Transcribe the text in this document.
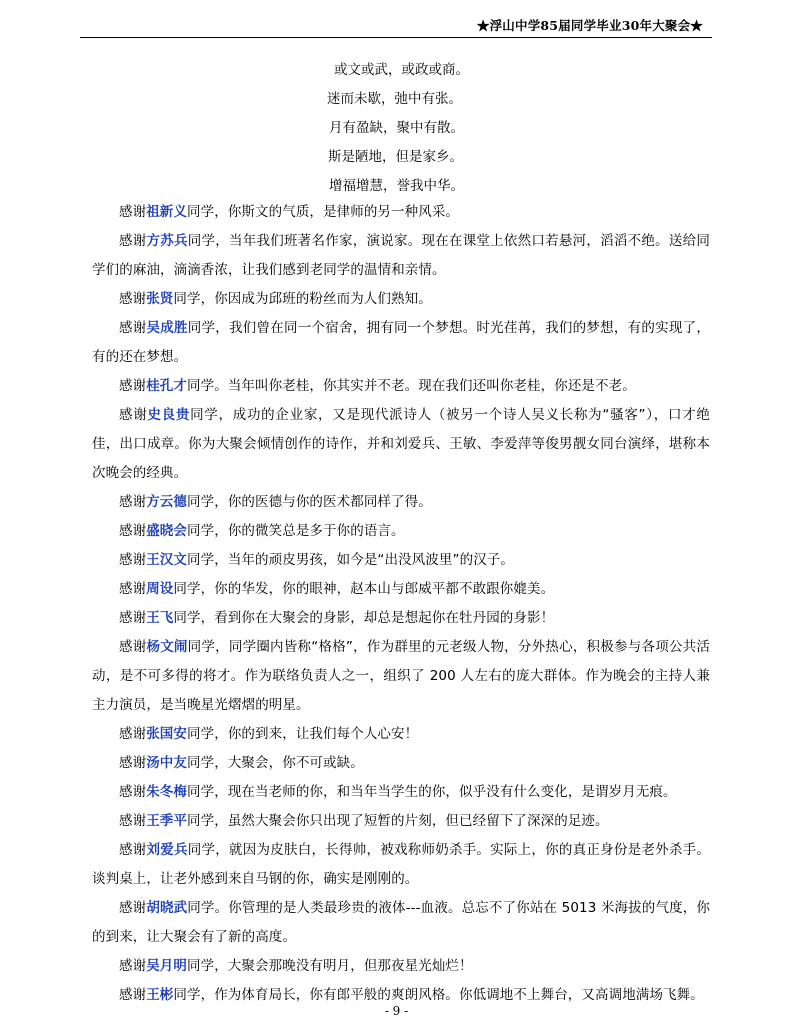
★浮山中学85届同学毕业30年大聚会★
或文或武，或政或商。
迷而未歇，弛中有张。
月有盈缺，聚中有散。
斯是陋地，但是家乡。
增福增慧，誉我中华。

感谢祖新义同学，你斯文的气质，是律师的另一种风采。

感谢方苏兵同学，当年我们班著名作家，演说家。现在在课堂上依然口若悬河，滔滔不绝。送给同学们的麻油，滴滴香浓，让我们感到老同学的温情和亲情。

感谢张贤同学，你因成为邱班的粉丝而为人们熟知。

感谢吴成胜同学，我们曾在同一个宿舍，拥有同一个梦想。时光荏苒，我们的梦想，有的实现了，有的还在梦想。

感谢桂孔才同学。当年叫你老桂，你其实并不老。现在我们还叫你老桂，你还是不老。

感谢史良贵同学，成功的企业家，又是现代派诗人（被另一个诗人吴义长称为“骚客”），口才绝佳，出口成章。你为大聚会倾情创作的诗作，并和刘爱兵、王敏、李爱萍等俊男靓女同台演绎，堪称本次晚会的经典。

感谢方云德同学，你的医德与你的医术都同样了得。

感谢盛晓会同学，你的微笑总是多于你的语言。

感谢王汉文同学，当年的顽皮男孩，如今是“出没风波里”的汉子。

感谢周设同学，你的华发，你的眼神，赵本山与郎威平都不敢跟你媲美。

感谢王飞同学，看到你在大聚会的身影，却总是想起你在牡丹园的身影！

感谢杨文闹同学，同学圈内皆称“格格”，作为群里的元老级人物，分外热心，积极参与各项公共活动，是不可多得的将才。作为联络负责人之一，组织了 200 人左右的庞大群体。作为晚会的主持人兼主力演员，是当晚星光熠熠的明星。

感谢张国安同学，你的到来，让我们每个人心安！

感谢汤中友同学，大聚会，你不可或缺。

感谢朱冬梅同学，现在当老师的你，和当年当学生的你，似乎没有什么变化，是谓岁月无痕。

感谢王季平同学，虽然大聚会你只出现了短暂的片刻，但已经留下了深深的足迹。

感谢刘爱兵同学，就因为皮肤白，长得帅，被戏称师奶杀手。实际上，你的真正身份是老外杀手。谈判桌上，让老外感到来自马钢的你，确实是刚刚的。

感谢胡晓武同学。你管理的是人类最珍贵的液体---血液。总忘不了你站在 5013 米海拔的气度，你的到来，让大聚会有了新的高度。

感谢吴月明同学，大聚会那晚没有明月，但那夜星光灿烂！

感谢王彬同学，作为体育局长，你有郎平般的爽朗风格。你低调地不上舞台，又高调地满场飞舞。

- 9 -
